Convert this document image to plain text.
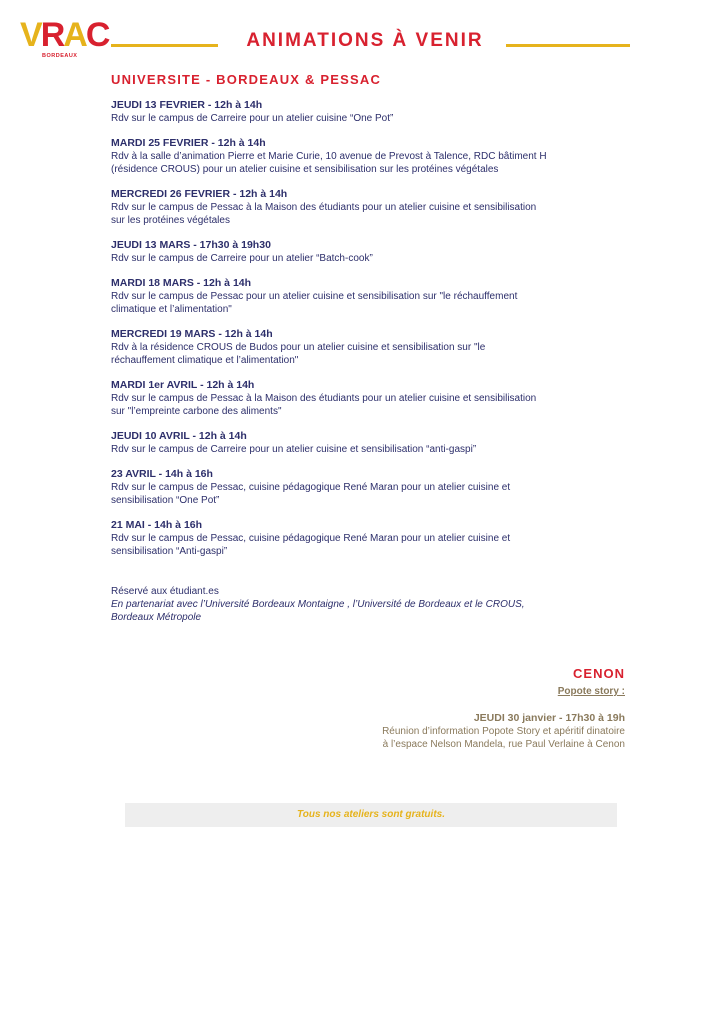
VRAC
BORDEAUX
ANIMATIONS À VENIR
UNIVERSITE - BORDEAUX & PESSAC
JEUDI 13 FEVRIER - 12h à 14h
Rdv sur le campus de Carreire pour un atelier cuisine “One Pot”
MARDI 25 FEVRIER - 12h à 14h
Rdv à la salle d’animation Pierre et Marie Curie, 10 avenue de Prevost à Talence, RDC bâtiment H (résidence CROUS) pour un atelier cuisine et sensibilisation sur les protéines végétales
MERCREDI 26 FEVRIER - 12h à 14h
Rdv sur le campus de Pessac à la Maison des étudiants pour un atelier cuisine et sensibilisation sur les protéines végétales
JEUDI 13 MARS - 17h30 à 19h30
Rdv sur le campus de Carreire pour un atelier “Batch-cook”
MARDI 18 MARS - 12h à 14h
Rdv sur le campus de Pessac pour un atelier cuisine et sensibilisation sur "le réchauffement climatique et l’alimentation"
MERCREDI 19 MARS - 12h à 14h
Rdv à la résidence CROUS de Budos pour un atelier cuisine et sensibilisation sur "le réchauffement climatique et l’alimentation"
MARDI 1er AVRIL - 12h à 14h
Rdv sur le campus de Pessac à la Maison des étudiants pour un atelier cuisine et sensibilisation sur "l’empreinte carbone des aliments"
JEUDI 10 AVRIL - 12h à 14h
Rdv sur le campus de Carreire pour un atelier cuisine et sensibilisation “anti-gaspi”
23 AVRIL - 14h à 16h
Rdv sur le campus de Pessac, cuisine pédagogique René Maran pour un atelier cuisine et sensibilisation “One Pot”
21 MAI - 14h à 16h
Rdv sur le campus de Pessac, cuisine pédagogique René Maran pour un atelier cuisine et sensibilisation “Anti-gaspi”
Réservé aux étudiant.es
En partenariat avec l’Université Bordeaux Montaigne , l’Université de Bordeaux et le CROUS, Bordeaux Métropole
CENON
Popote story :
JEUDI 30 janvier - 17h30 à 19h
Réunion d’information Popote Story et apéritif dinatoire
à l’espace Nelson Mandela, rue Paul Verlaine à Cenon
Tous nos ateliers sont gratuits.
